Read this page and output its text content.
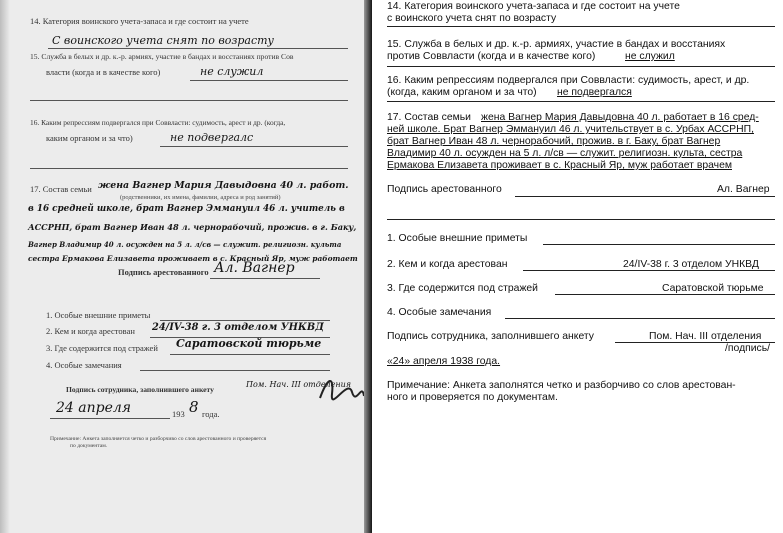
14. Категория воинского учета-запаса и где состоит на учете
С воинского учета снят по возрасту
15. Служба в белых и др. к.-р. армиях, участие в бандах и восстаниях против Сов
власти (когда и в качестве кого)	не служил
16. Каким репрессиям подвергался при Соввласти: судимость, арест и др. (когда,
каким органом и за что)	не подвергалс
17. Состав семьи жена Вагнер Мария Давыдовна 40 л. работ.
(родственники, их имена, фамилии, адреса и род занятий)
в 16 средней школе, брат Вагнер Эммануил 46 л. учитель в
АССРНП, брат Вагнер Иван 48 л. чернорабочий, прожив. в г. Баку,
Вагнер Владимир 40 л. осужден на 5 л. л/св — служит. религиозн. культа
сестра Ермакова Елизавета проживает в с. Красный Яр, муж работает
Подпись арестованного Ал. Вагнер
1. Особые внешние приметы
2. Кем и когда арестован 24/IV-38 г. 3 отделом УНКВД
3. Где содержится под стражей Саратовской тюрьме
4. Особые замечания
Подпись сотрудника, заполнившего анкету
Пом. Нач. III отделения
24 апреля	193 8 года.
Примечание: Анкета заполняется четко и разборчиво со слов арестованного и проверяется
по документам.
14. Категория воинского учета-запаса и где состоит на учете
с воинского учета снят по возрасту
15. Служба в белых и др. к.-р. армиях, участие в бандах и восстаниях
против Соввласти (когда и в качестве кого)	не служил
16. Каким репрессиям подвергался при Соввласти: судимость, арест, и др.
(когда, каким органом и за что) не подвергался
17. Состав семьи жена Вагнер Мария Давыдовна 40 л. работает в 16 сред-
ней школе. Брат Вагнер Эммануил 46 л. учительствует в с. Урбах АССРНП,
брат Вагнер Иван 48 л. чернорабочий, прожив. в г. Баку, брат Вагнер
Владимир 40 л. осужден на 5 л. л/св — служит. религиозн. культа, сестра
Ермакова Елизавета проживает в с. Красный Яр, муж работает врачем
Подпись арестованного	Ал. Вагнер
1. Особые внешние приметы
2. Кем и когда арестован	24/IV-38 г. 3 отделом УНКВД
3. Где содержится под стражей	Саратовской тюрьме
4. Особые замечания
Подпись сотрудника, заполнившего анкету	Пом. Нач. III отделения
/подпись/
«24» апреля 1938 года.
Примечание: Анкета заполнятся четко и разборчиво со слов арестован-
ного и проверяется по документам.
